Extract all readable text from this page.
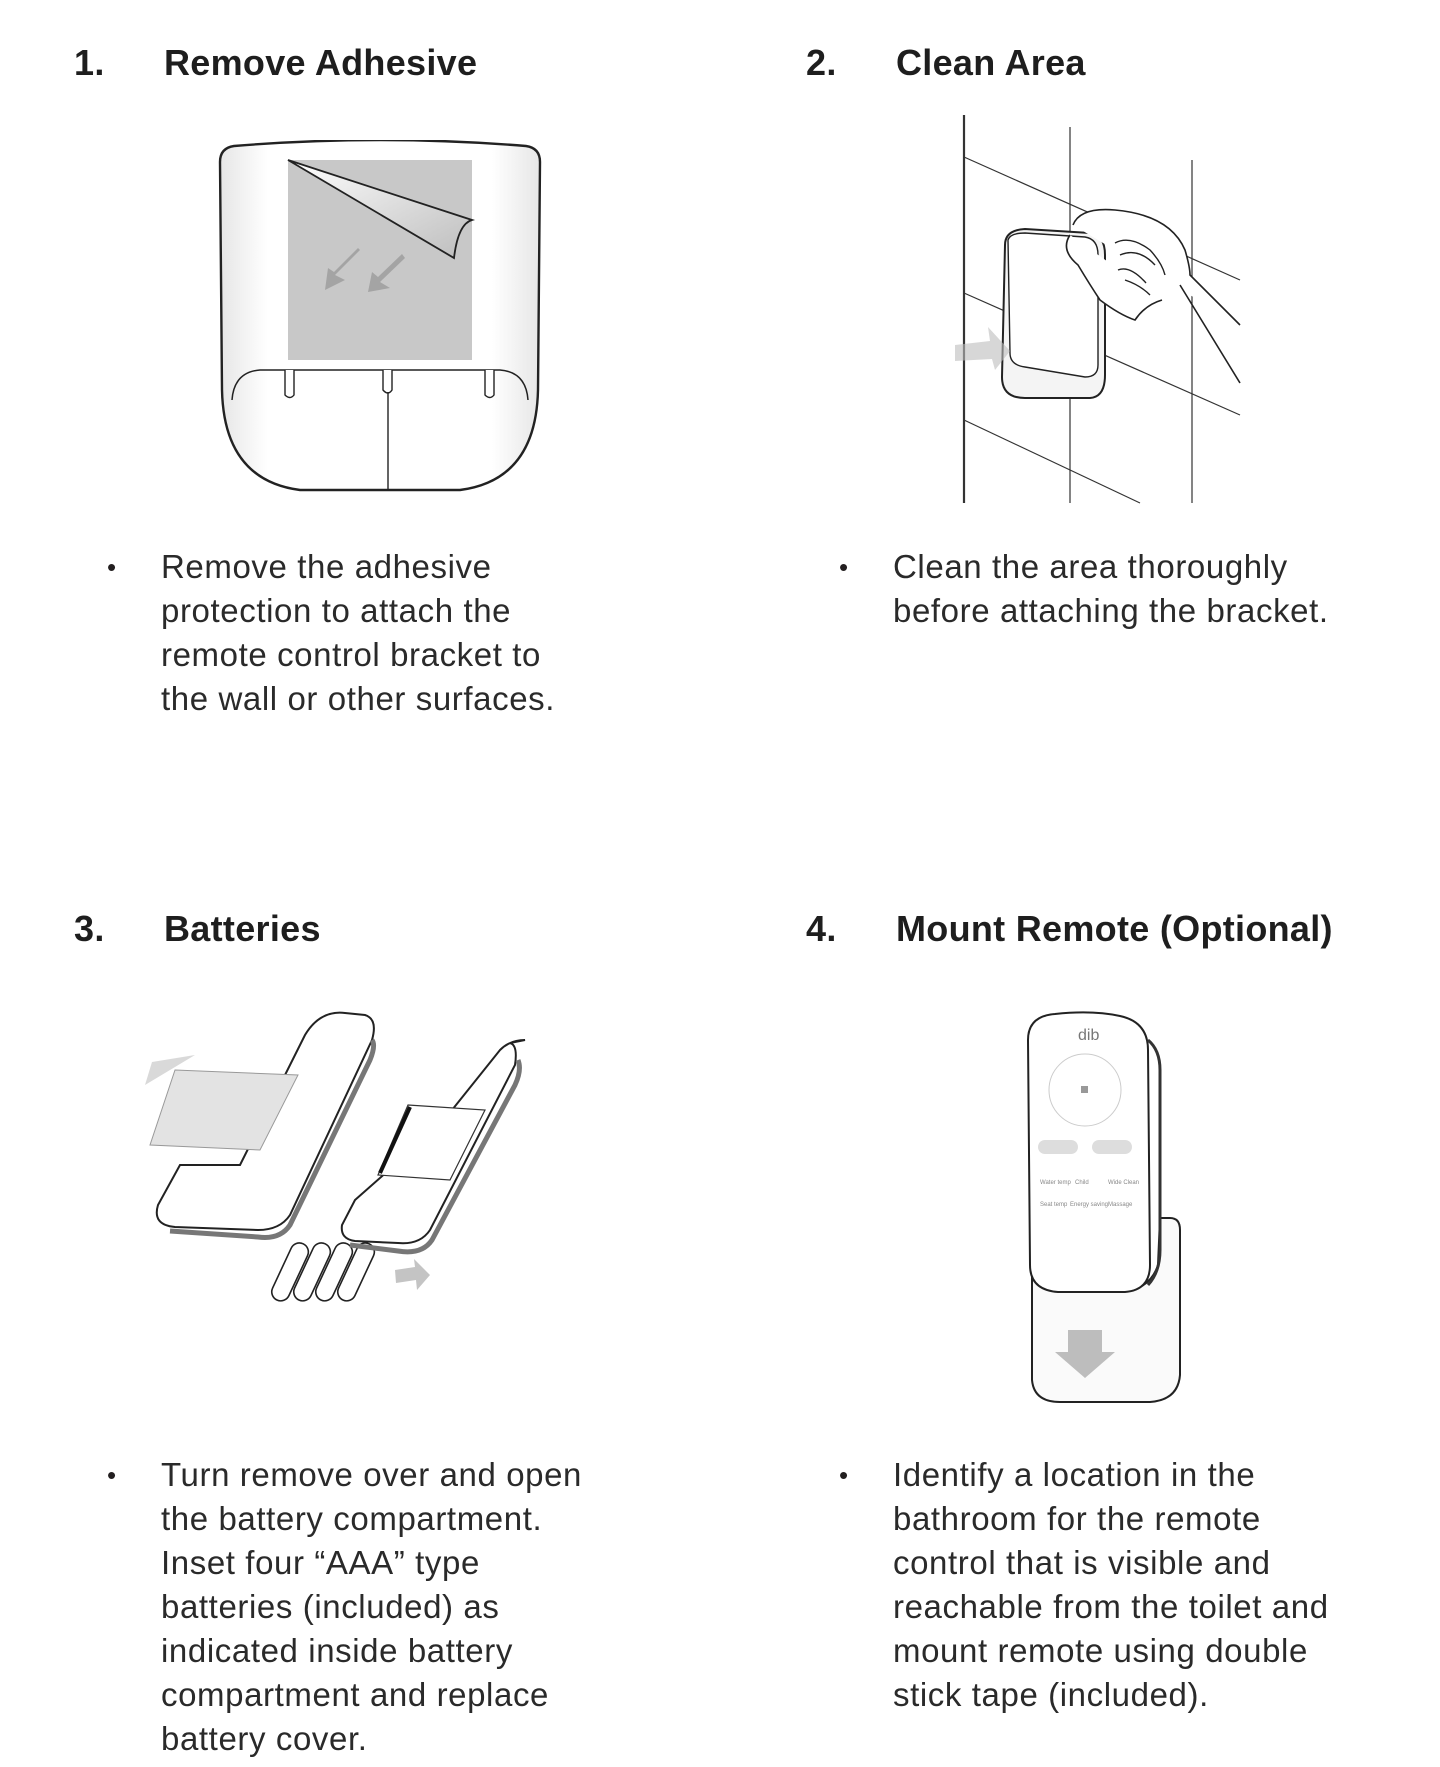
1.	Remove Adhesive
•	Remove the adhesive
protection to attach the
remote control bracket to
the wall or other surfaces.
2.	Clean Area
•	Clean the area thoroughly
before attaching the bracket.
3.	Batteries
•	Turn remove over and open
the battery compartment.
Inset four “AAA” type
batteries (included) as
indicated inside battery
compartment and replace
battery cover.
4.	Mount Remote (Optional)
dib
Water temp Child	Wide Clean
Seat temp Energy saving Massage
•	Identify a location in the
bathroom for the remote
control that is visible and
reachable from the toilet and
mount remote using double
stick tape (included).
